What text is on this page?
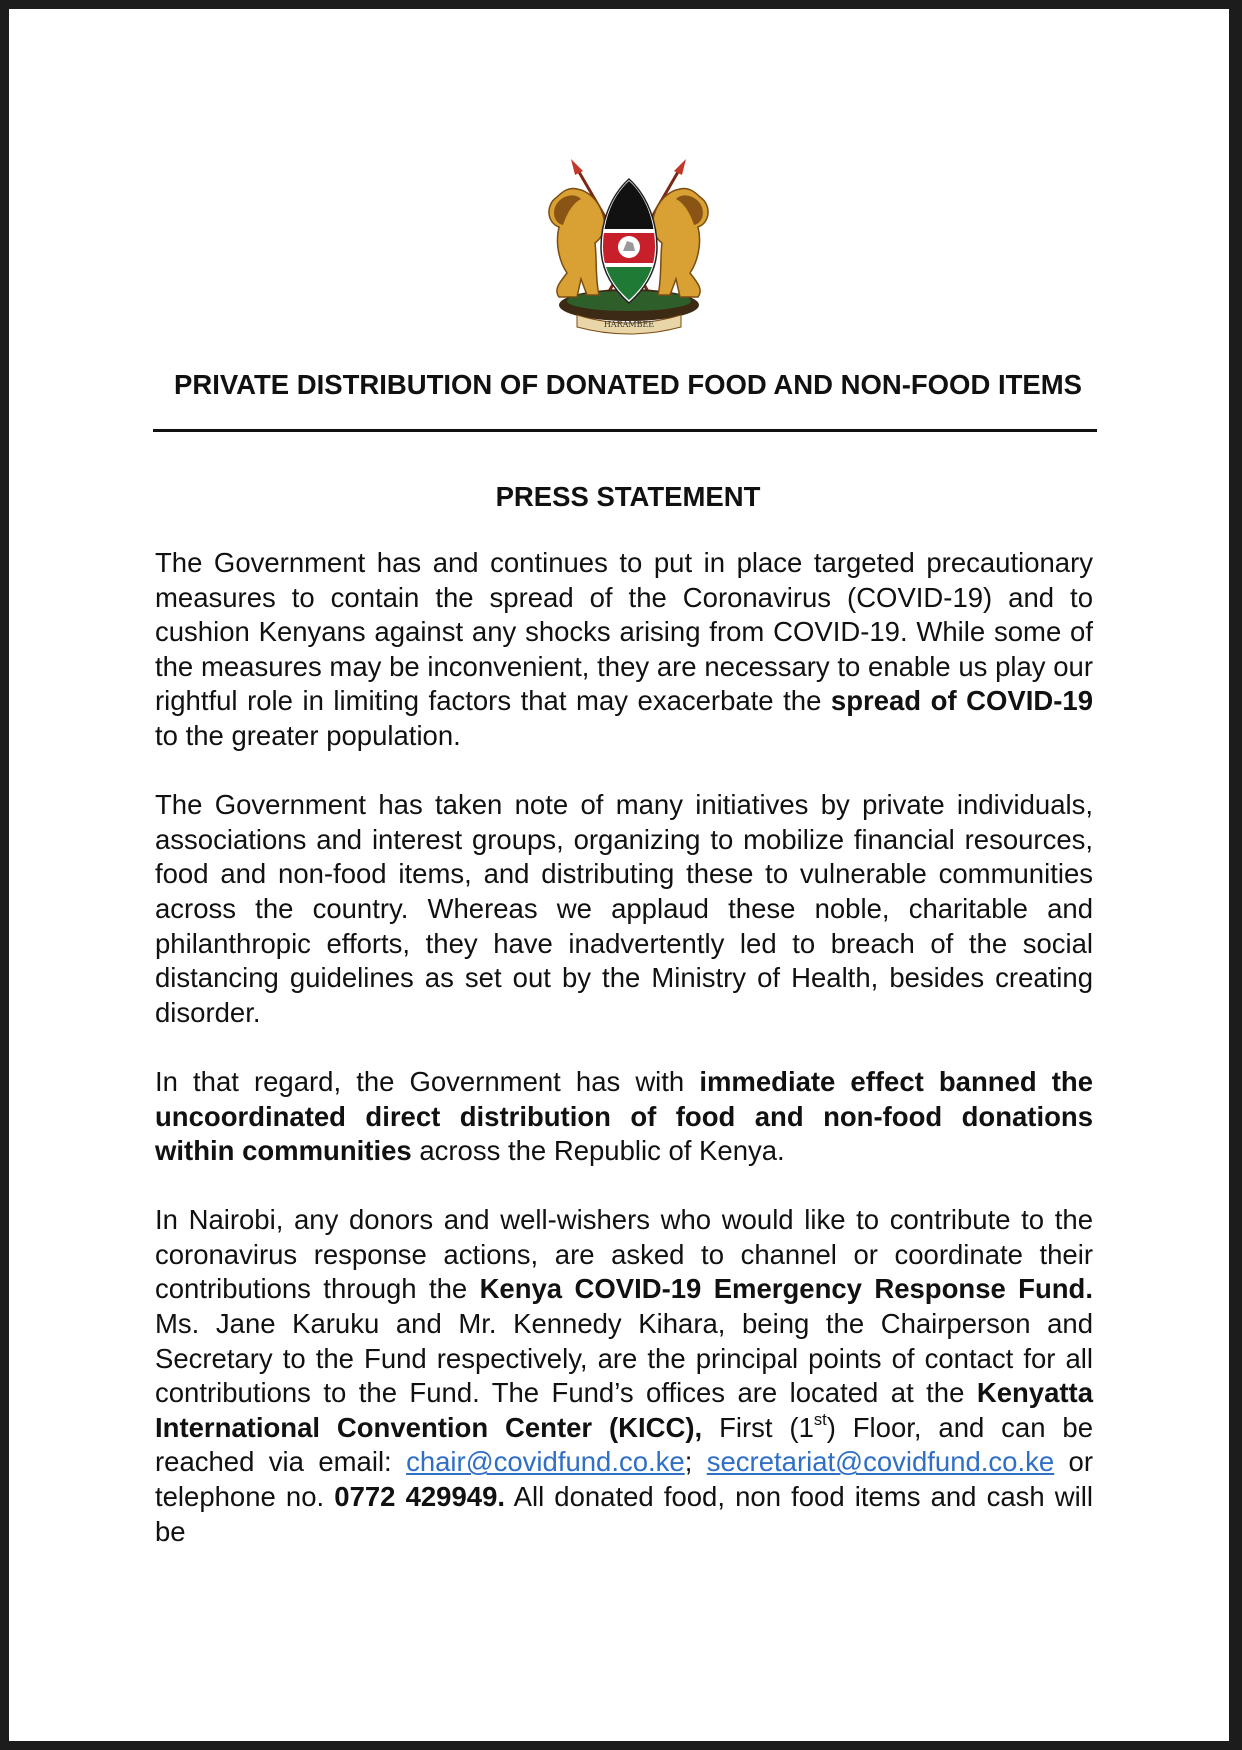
HARAMBEE
PRIVATE DISTRIBUTION OF DONATED FOOD AND NON-FOOD ITEMS
PRESS STATEMENT

The Government has and continues to put in place targeted precautionary measures to contain the spread of the Coronavirus (COVID-19) and to cushion Kenyans against any shocks arising from COVID-19. While some of the measures may be inconvenient, they are necessary to enable us play our rightful role in limiting factors that may exacerbate the spread of COVID-19 to the greater population.

The Government has taken note of many initiatives by private individuals, associations and interest groups, organizing to mobilize financial resources, food and non-food items, and distributing these to vulnerable communities across the country. Whereas we applaud these noble, charitable and philanthropic efforts, they have inadvertently led to breach of the social distancing guidelines as set out by the Ministry of Health, besides creating disorder.

In that regard, the Government has with immediate effect banned the uncoordinated direct distribution of food and non-food donations within communities across the Republic of Kenya.

In Nairobi, any donors and well-wishers who would like to contribute to the coronavirus response actions, are asked to channel or coordinate their contributions through the Kenya COVID-19 Emergency Response Fund. Ms. Jane Karuku and Mr. Kennedy Kihara, being the Chairperson and Secretary to the Fund respectively, are the principal points of contact for all contributions to the Fund. The Fund’s offices are located at the Kenyatta International Convention Center (KICC), First (1st) Floor, and can be reached via email: chair@covidfund.co.ke; secretariat@covidfund.co.ke or telephone no. 0772 429949. All donated food, non food items and cash will be
